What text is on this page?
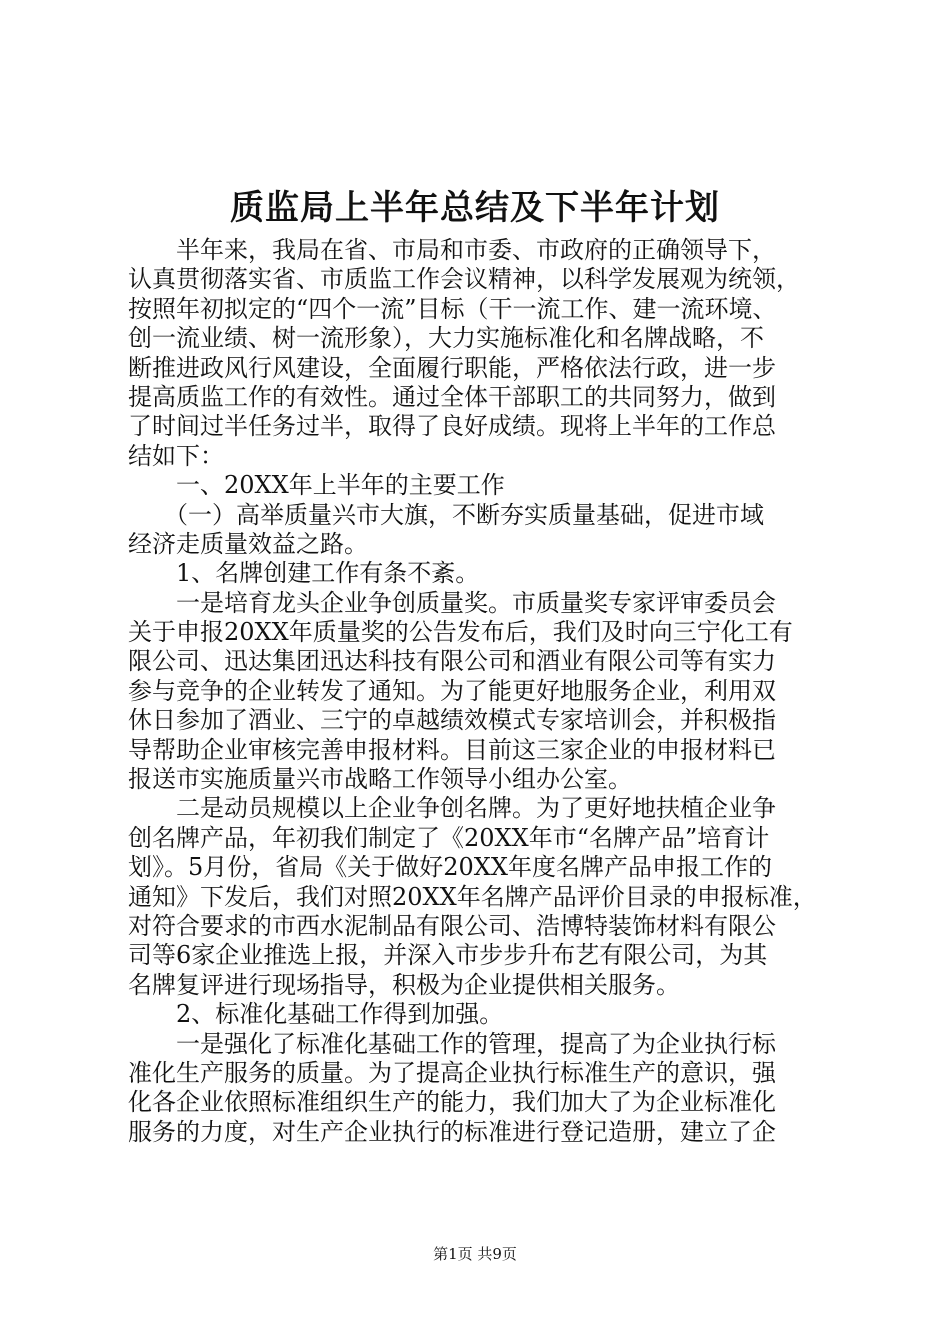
质监局上半年总结及下半年计划
　　半年来，我局在省、市局和市委、市政府的正确领导下，
认真贯彻落实省、市质监工作会议精神，以科学发展观为统领，
按照年初拟定的“四个一流”目标（干一流工作、建一流环境、
创一流业绩、树一流形象），大力实施标准化和名牌战略，不
断推进政风行风建设，全面履行职能，严格依法行政，进一步
提高质监工作的有效性。通过全体干部职工的共同努力，做到
了时间过半任务过半，取得了良好成绩。现将上半年的工作总
结如下：
　　一、20XX年上半年的主要工作
　　（一）高举质量兴市大旗，不断夯实质量基础，促进市域
经济走质量效益之路。
　　1、名牌创建工作有条不紊。
　　一是培育龙头企业争创质量奖。市质量奖专家评审委员会
关于申报20XX年质量奖的公告发布后，我们及时向三宁化工有
限公司、迅达集团迅达科技有限公司和酒业有限公司等有实力
参与竞争的企业转发了通知。为了能更好地服务企业，利用双
休日参加了酒业、三宁的卓越绩效模式专家培训会，并积极指
导帮助企业审核完善申报材料。目前这三家企业的申报材料已
报送市实施质量兴市战略工作领导小组办公室。
　　二是动员规模以上企业争创名牌。为了更好地扶植企业争
创名牌产品，年初我们制定了《20XX年市“名牌产品”培育计
划》。5月份，省局《关于做好20XX年度名牌产品申报工作的
通知》下发后，我们对照20XX年名牌产品评价目录的申报标准，
对符合要求的市西水泥制品有限公司、浩博特装饰材料有限公
司等6家企业推选上报，并深入市步步升布艺有限公司，为其
名牌复评进行现场指导，积极为企业提供相关服务。
　　2、标准化基础工作得到加强。
　　一是强化了标准化基础工作的管理，提高了为企业执行标
准化生产服务的质量。为了提高企业执行标准生产的意识，强
化各企业依照标准组织生产的能力，我们加大了为企业标准化
服务的力度，对生产企业执行的标准进行登记造册，建立了企
第1页 共9页
